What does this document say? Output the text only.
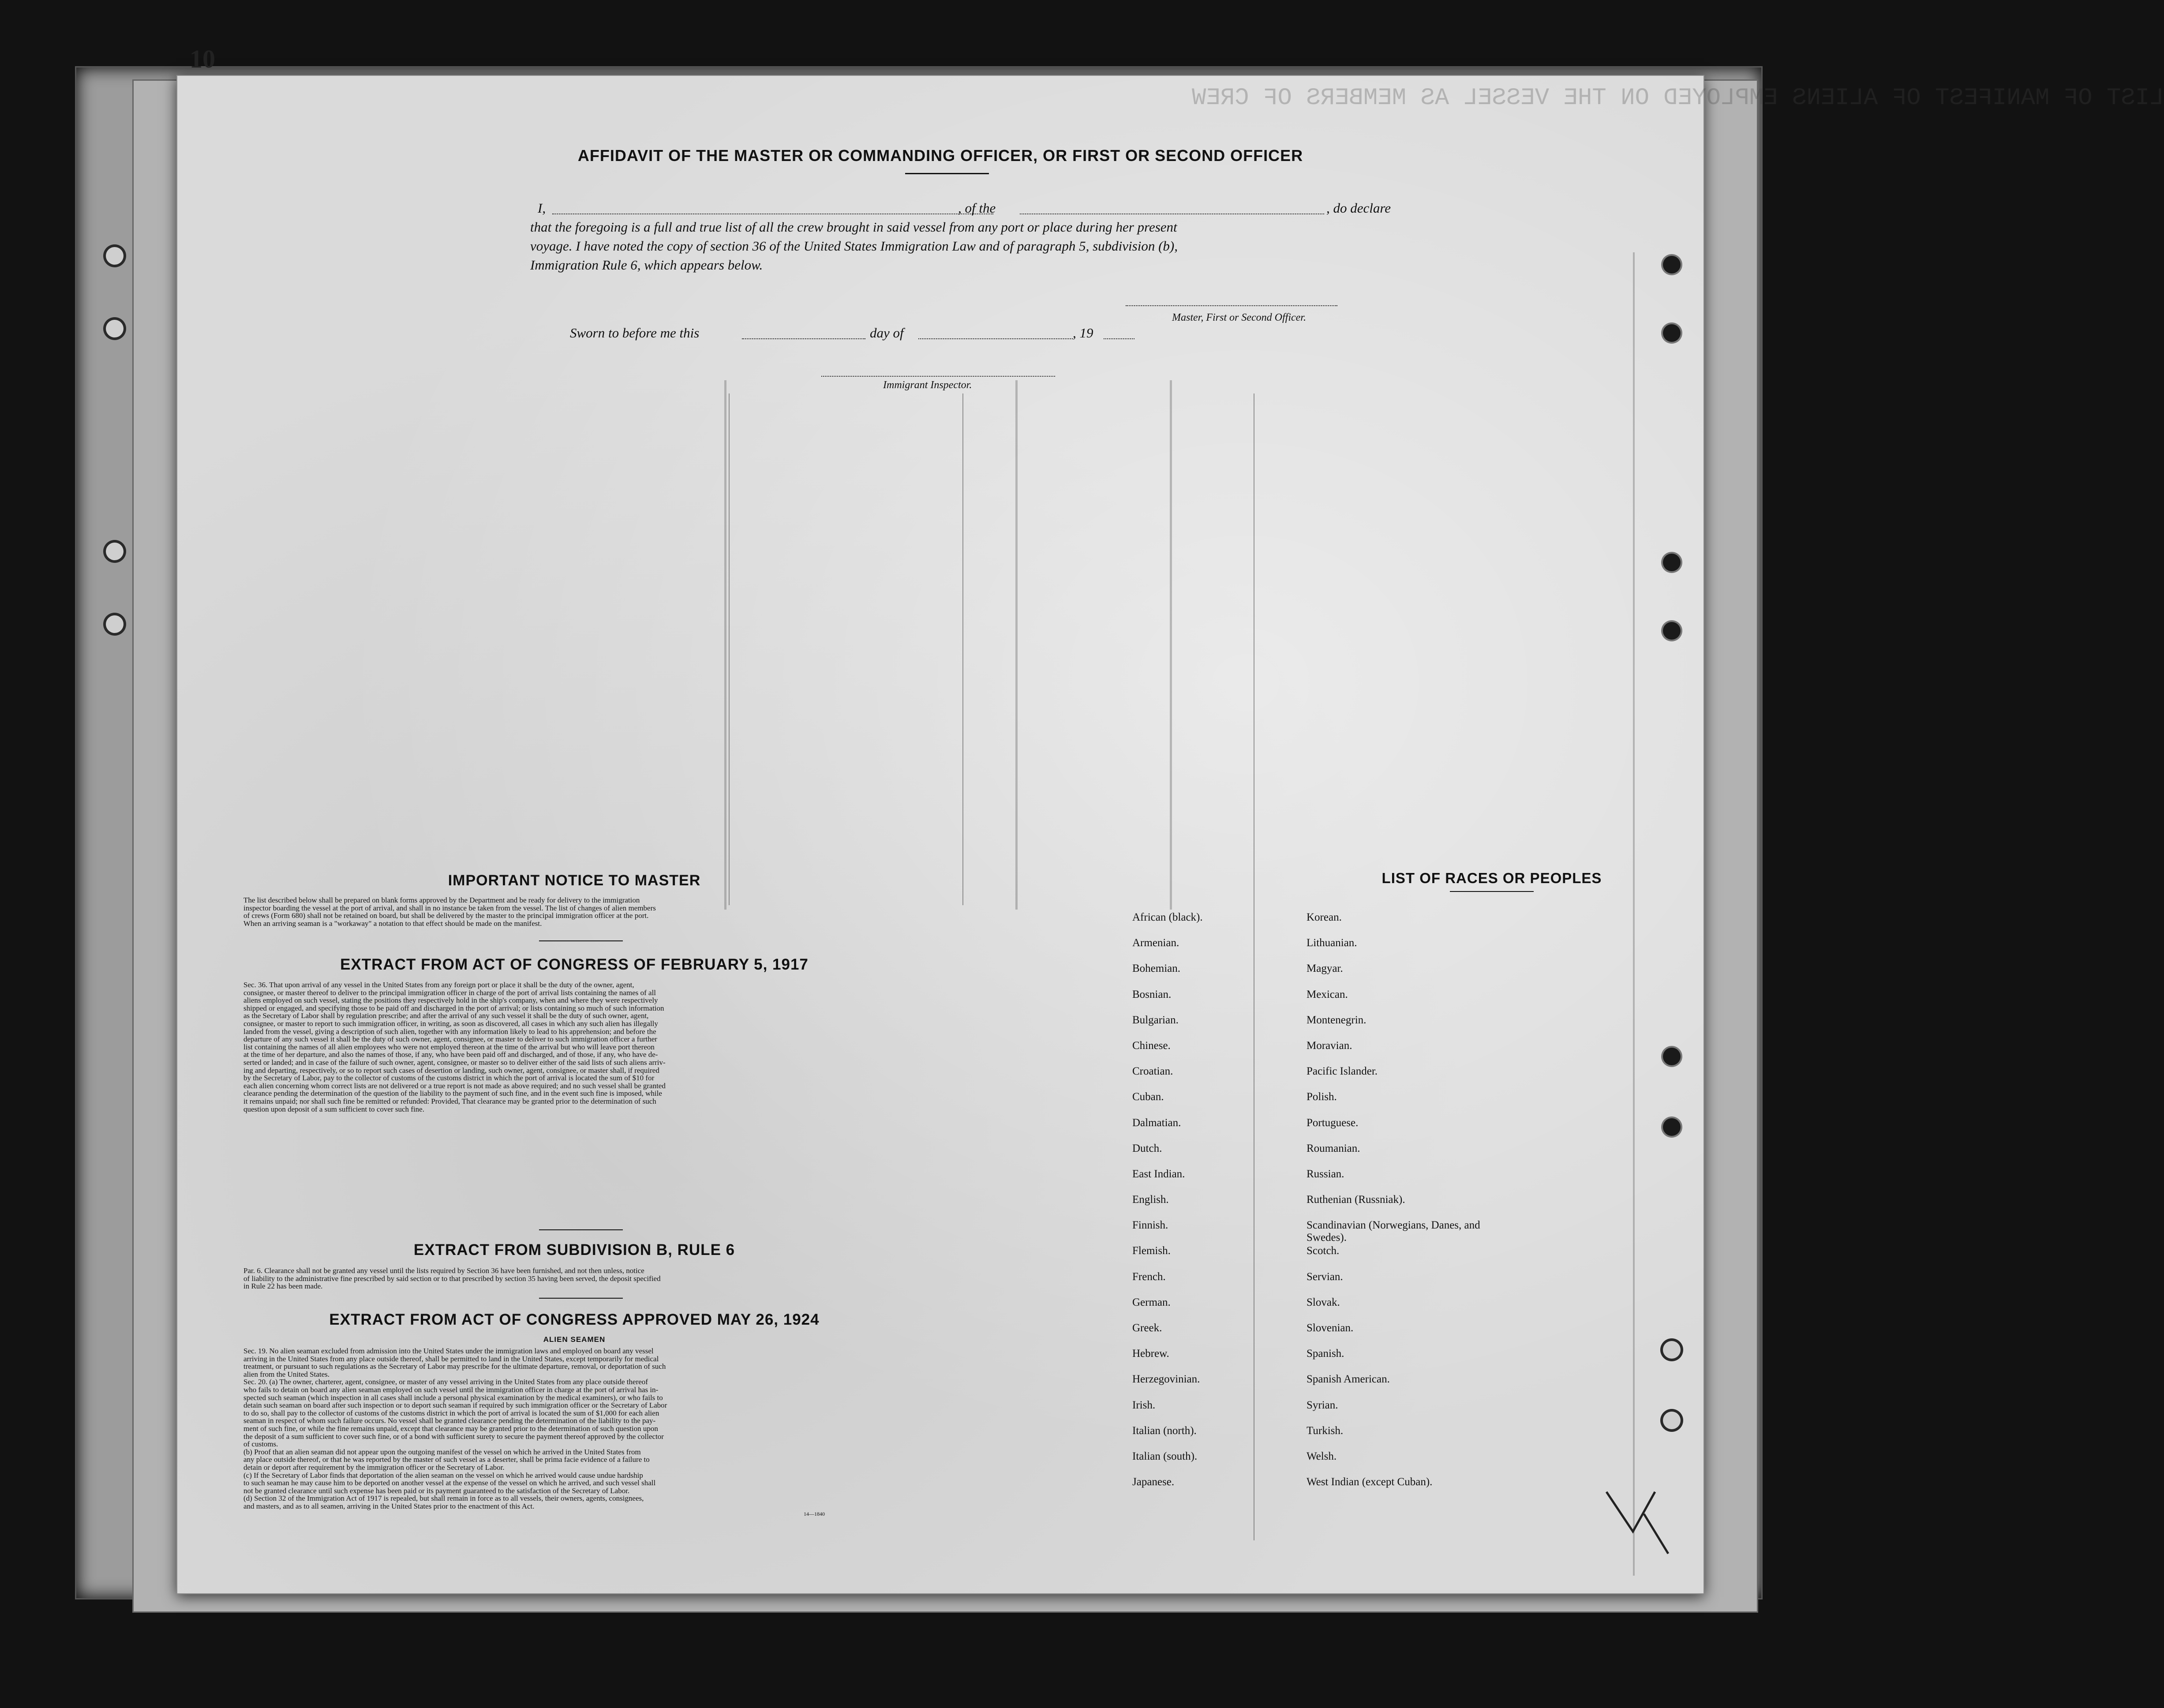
LIST OF MANIFEST OF ALIENS EMPLOYED ON THE VESSEL AS MEMBERS OF CREW
AFFIDAVIT OF THE MASTER OR COMMANDING OFFICER, OR FIRST OR SECOND OFFICER
I,	, of the	, do declare
that the foregoing is a full and true list of all the crew brought in said vessel from any port or place during her present
voyage. I have noted the copy of section 36 of the United States Immigration Law and of paragraph 5, subdivision (b),
Immigration Rule 6, which appears below.
Master, First or Second Officer.
Sworn to before me this	day of	, 19
Immigrant Inspector.
IMPORTANT NOTICE TO MASTER
The list described below shall be prepared on blank forms approved by the Department and be ready for delivery to the immigration
inspector boarding the vessel at the port of arrival, and shall in no instance be taken from the vessel. The list of changes of alien members
of crews (Form 680) shall not be retained on board, but shall be delivered by the master to the principal immigration officer at the port.
When an arriving seaman is a "workaway" a notation to that effect should be made on the manifest.
EXTRACT FROM ACT OF CONGRESS OF FEBRUARY 5, 1917
Sec. 36. That upon arrival of any vessel in the United States from any foreign port or place it shall be the duty of the owner, agent,
consignee, or master thereof to deliver to the principal immigration officer in charge of the port of arrival lists containing the names of all
aliens employed on such vessel, stating the positions they respectively hold in the ship's company, when and where they were respectively
shipped or engaged, and specifying those to be paid off and discharged in the port of arrival; or lists containing so much of such information
as the Secretary of Labor shall by regulation prescribe; and after the arrival of any such vessel it shall be the duty of such owner, agent,
consignee, or master to report to such immigration officer, in writing, as soon as discovered, all cases in which any such alien has illegally
landed from the vessel, giving a description of such alien, together with any information likely to lead to his apprehension; and before the
departure of any such vessel it shall be the duty of such owner, agent, consignee, or master to deliver to such immigration officer a further
list containing the names of all alien employees who were not employed thereon at the time of the arrival but who will leave port thereon
at the time of her departure, and also the names of those, if any, who have been paid off and discharged, and of those, if any, who have de-
serted or landed; and in case of the failure of such owner, agent, consignee, or master so to deliver either of the said lists of such aliens arriv-
ing and departing, respectively, or so to report such cases of desertion or landing, such owner, agent, consignee, or master shall, if required
by the Secretary of Labor, pay to the collector of customs of the customs district in which the port of arrival is located the sum of $10 for
each alien concerning whom correct lists are not delivered or a true report is not made as above required; and no such vessel shall be granted
clearance pending the determination of the question of the liability to the payment of such fine, and in the event such fine is imposed, while
it remains unpaid; nor shall such fine be remitted or refunded: Provided, That clearance may be granted prior to the determination of such
question upon deposit of a sum sufficient to cover such fine.
EXTRACT FROM SUBDIVISION B, RULE 6
Par. 6. Clearance shall not be granted any vessel until the lists required by Section 36 have been furnished, and not then unless, notice
of liability to the administrative fine prescribed by said section or to that prescribed by section 35 having been served, the deposit specified
in Rule 22 has been made.
EXTRACT FROM ACT OF CONGRESS APPROVED MAY 26, 1924
ALIEN SEAMEN
Sec. 19. No alien seaman excluded from admission into the United States under the immigration laws and employed on board any vessel
arriving in the United States from any place outside thereof, shall be permitted to land in the United States, except temporarily for medical
treatment, or pursuant to such regulations as the Secretary of Labor may prescribe for the ultimate departure, removal, or deportation of such
alien from the United States.
Sec. 20. (a) The owner, charterer, agent, consignee, or master of any vessel arriving in the United States from any place outside thereof
who fails to detain on board any alien seaman employed on such vessel until the immigration officer in charge at the port of arrival has in-
spected such seaman (which inspection in all cases shall include a personal physical examination by the medical examiners), or who fails to
detain such seaman on board after such inspection or to deport such seaman if required by such immigration officer or the Secretary of Labor
to do so, shall pay to the collector of customs of the customs district in which the port of arrival is located the sum of $1,000 for each alien
seaman in respect of whom such failure occurs. No vessel shall be granted clearance pending the determination of the liability to the pay-
ment of such fine, or while the fine remains unpaid, except that clearance may be granted prior to the determination of such question upon
the deposit of a sum sufficient to cover such fine, or of a bond with sufficient surety to secure the payment thereof approved by the collector
of customs.
(b) Proof that an alien seaman did not appear upon the outgoing manifest of the vessel on which he arrived in the United States from
any place outside thereof, or that he was reported by the master of such vessel as a deserter, shall be prima facie evidence of a failure to
detain or deport after requirement by the immigration officer or the Secretary of Labor.
(c) If the Secretary of Labor finds that deportation of the alien seaman on the vessel on which he arrived would cause undue hardship
to such seaman he may cause him to be deported on another vessel at the expense of the vessel on which he arrived, and such vessel shall
not be granted clearance until such expense has been paid or its payment guaranteed to the satisfaction of the Secretary of Labor.
(d) Section 32 of the Immigration Act of 1917 is repealed, but shall remain in force as to all vessels, their owners, agents, consignees,
and masters, and as to all seamen, arriving in the United States prior to the enactment of this Act.
14—1840
LIST OF RACES OR PEOPLES
African (black).
Armenian.
Bohemian.
Bosnian.
Bulgarian.
Chinese.
Croatian.
Cuban.
Dalmatian.
Dutch.
East Indian.
English.
Finnish.
Flemish.
French.
German.
Greek.
Hebrew.
Herzegovinian.
Irish.
Italian (north).
Italian (south).
Japanese.
Korean.
Lithuanian.
Magyar.
Mexican.
Montenegrin.
Moravian.
Pacific Islander.
Polish.
Portuguese.
Roumanian.
Russian.
Ruthenian (Russniak).
Scandinavian (Norwegians, Danes, and Swedes).
Scotch.
Servian.
Slovak.
Slovenian.
Spanish.
Spanish American.
Syrian.
Turkish.
Welsh.
West Indian (except Cuban).
10
